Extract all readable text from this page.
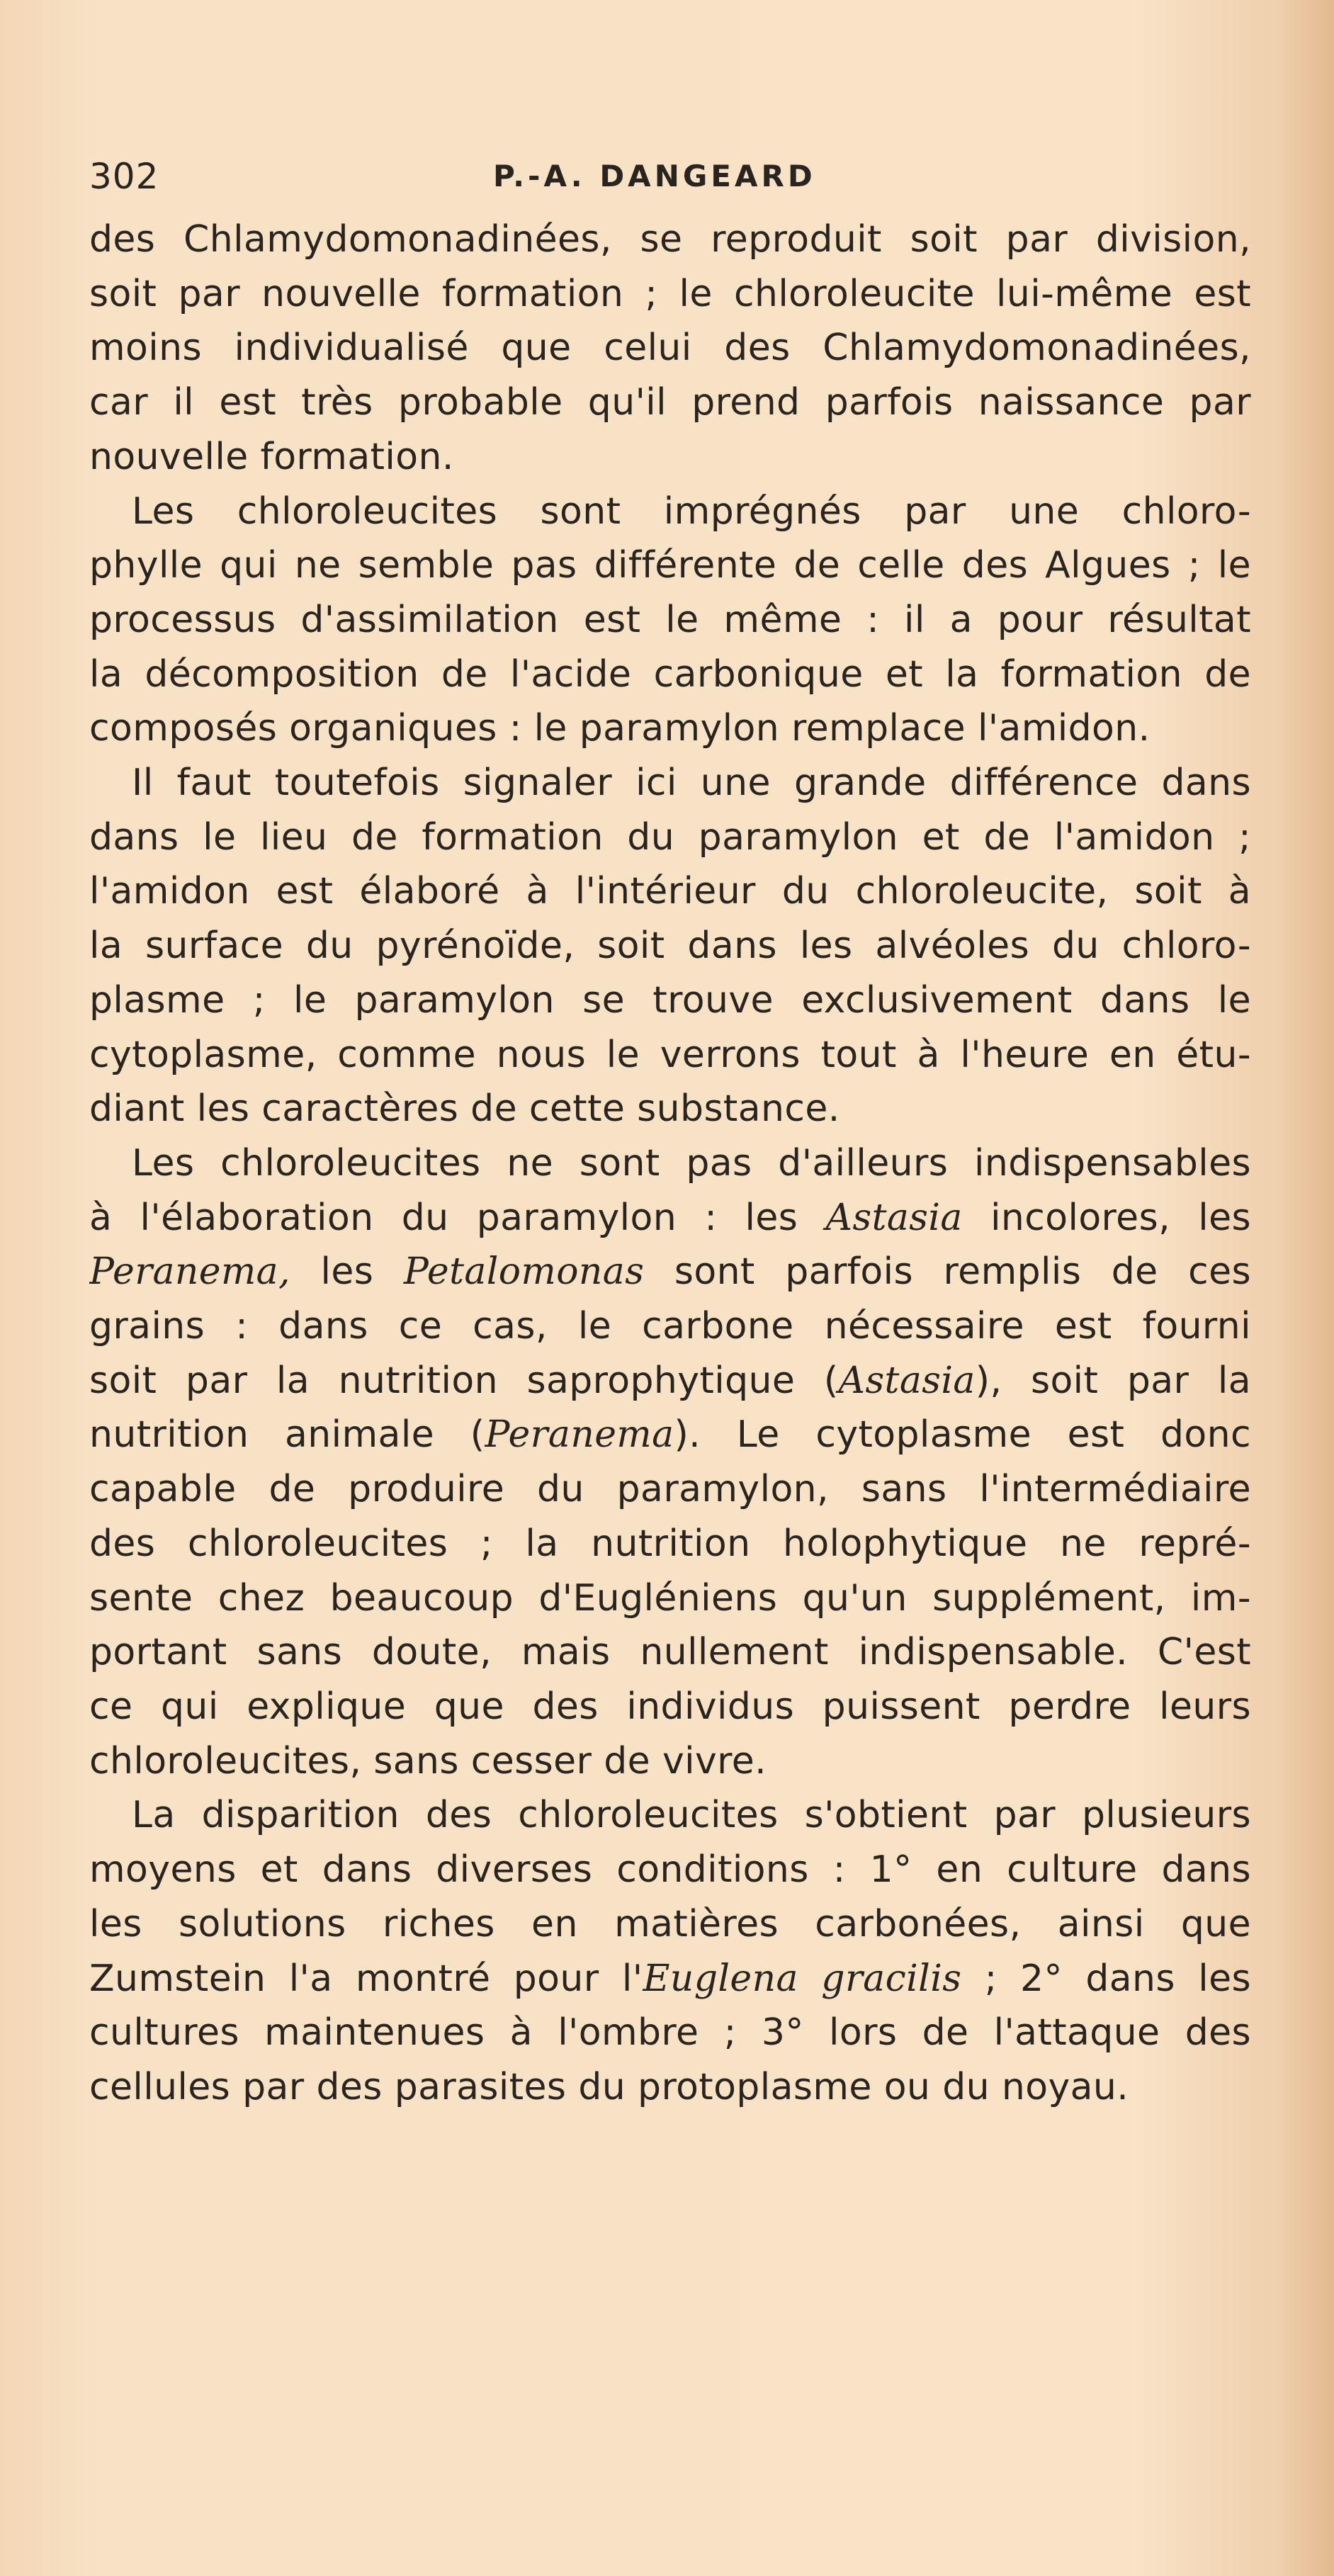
302	P.-A. DANGEARD
des Chlamydomonadinées, se reproduit soit par division,
soit par nouvelle formation ; le chloroleucite lui-même est
moins individualisé que celui des Chlamydomonadinées,
car il est très probable qu'il prend parfois naissance par
nouvelle formation.
Les chloroleucites sont imprégnés par une chloro-
phylle qui ne semble pas différente de celle des Algues ; le
processus d'assimilation est le même : il a pour résultat
la décomposition de l'acide carbonique et la formation de
composés organiques : le paramylon remplace l'amidon.
Il faut toutefois signaler ici une grande différence dans
dans le lieu de formation du paramylon et de l'amidon ;
l'amidon est élaboré à l'intérieur du chloroleucite, soit à
la surface du pyrénoïde, soit dans les alvéoles du chloro-
plasme ; le paramylon se trouve exclusivement dans le
cytoplasme, comme nous le verrons tout à l'heure en étu-
diant les caractères de cette substance.
Les chloroleucites ne sont pas d'ailleurs indispensables
à l'élaboration du paramylon : les Astasia incolores, les
Peranema, les Petalomonas sont parfois remplis de ces
grains : dans ce cas, le carbone nécessaire est fourni
soit par la nutrition saprophytique (Astasia), soit par la
nutrition animale (Peranema). Le cytoplasme est donc
capable de produire du paramylon, sans l'intermédiaire
des chloroleucites ; la nutrition holophytique ne repré-
sente chez beaucoup d'Eugléniens qu'un supplément, im-
portant sans doute, mais nullement indispensable. C'est
ce qui explique que des individus puissent perdre leurs
chloroleucites, sans cesser de vivre.
La disparition des chloroleucites s'obtient par plusieurs
moyens et dans diverses conditions : 1° en culture dans
les solutions riches en matières carbonées, ainsi que
Zumstein l'a montré pour l'Euglena gracilis ; 2° dans les
cultures maintenues à l'ombre ; 3° lors de l'attaque des
cellules par des parasites du protoplasme ou du noyau.
